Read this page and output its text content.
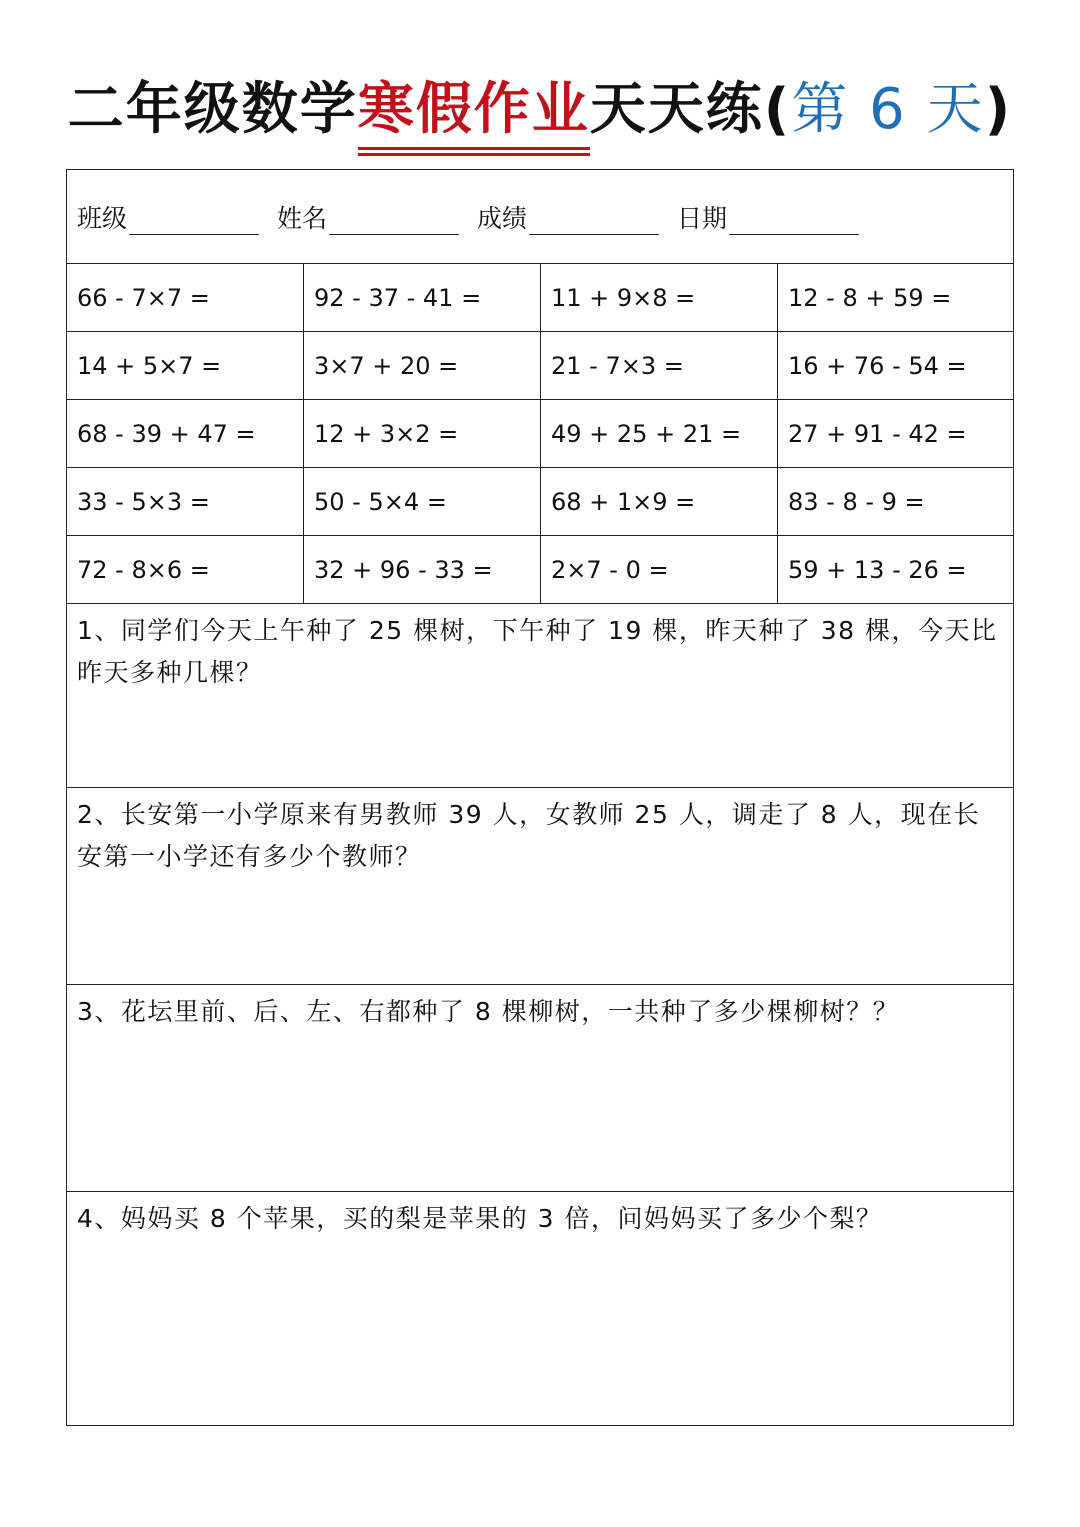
二年级数学寒假作业天天练(第 6 天)
班级	姓名	成绩	日期
66 - 7×7 =	92 - 37 - 41 =	11 + 9×8 =	12 - 8 + 59 =
14 + 5×7 =	3×7 + 20 =	21 - 7×3 =	16 + 76 - 54 =
68 - 39 + 47 =	12 + 3×2 =	49 + 25 + 21 =	27 + 91 - 42 =
33 - 5×3 =	50 - 5×4 =	68 + 1×9 =	83 - 8 - 9 =
72 - 8×6 =	32 + 96 - 33 =	2×7 - 0 =	59 + 13 - 26 =
1、同学们今天上午种了 25 棵树，下午种了 19 棵，昨天种了 38 棵，今天比昨天多种几棵？
2、长安第一小学原来有男教师 39 人，女教师 25 人，调走了 8 人，现在长安第一小学还有多少个教师？
3、花坛里前、后、左、右都种了 8 棵柳树，一共种了多少棵柳树？？
4、妈妈买 8 个苹果，买的梨是苹果的 3 倍，问妈妈买了多少个梨？
